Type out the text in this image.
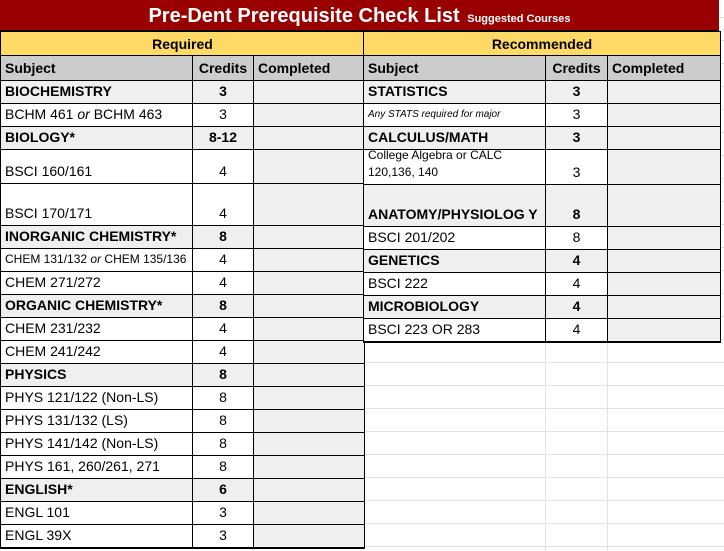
Pre-Dent Prerequisite Check List Suggested Courses
Required
Subject	Credits Completed
BIOCHEMISTRY	3
BCHM 461 or BCHM 463	3
BIOLOGY*	8-12
BSCI 160/161	4
BSCI 170/171	4
INORGANIC CHEMISTRY*	8
CHEM 131/132 or CHEM 135/136	4
CHEM 271/272	4
ORGANIC CHEMISTRY*	8
CHEM 231/232	4
CHEM 241/242	4
PHYSICS	8
PHYS 121/122 (Non-LS)	8
PHYS 131/132 (LS)	8
PHYS 141/142 (Non-LS)	8
PHYS 161, 260/261, 271	8
ENGLISH*	6
ENGL 101	3
ENGL 39X	3
Recommended
Subject	Credits Completed
STATISTICS	3
Any STATS required for major	3
CALCULUS/MATH	3
College Algebra or CALC 120,136, 140	3
ANATOMY/PHYSIOLOG Y	8
BSCI 201/202	8
GENETICS	4
BSCI 222	4
MICROBIOLOGY	4
BSCI 223 OR 283	4
